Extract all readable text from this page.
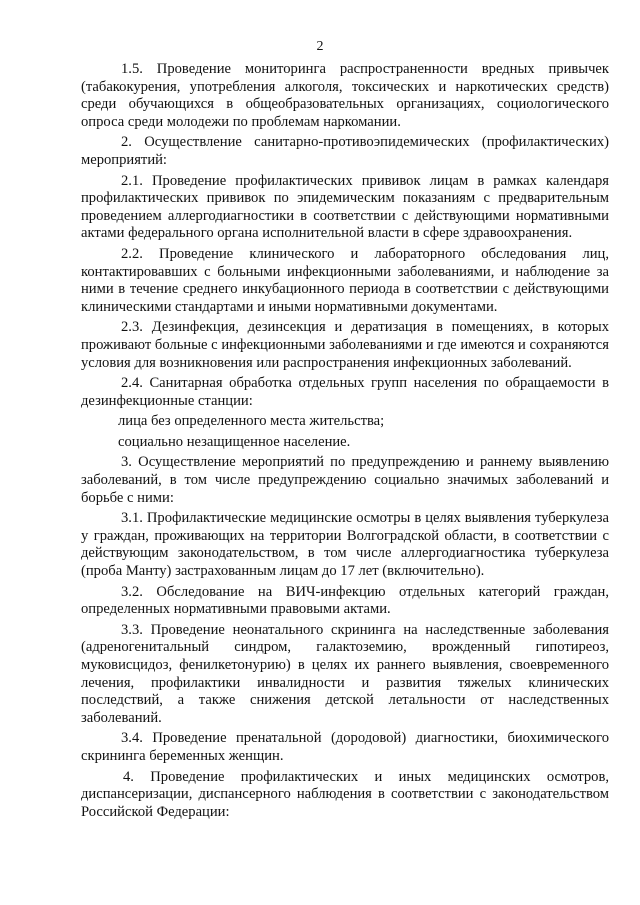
2

1.5. Проведение мониторинга распространенности вредных привычек (табакокурения, употребления алкоголя, токсических и наркотических средств) среди обучающихся в общеобразовательных организациях, социологического опроса среди молодежи по проблемам наркомании.

2. Осуществление санитарно-противоэпидемических (профилактических) мероприятий:

2.1. Проведение профилактических прививок лицам в рамках календаря профилактических прививок по эпидемическим показаниям с предварительным проведением аллергодиагностики в соответствии с действующими нормативными актами федерального органа исполнительной власти в сфере здравоохранения.

2.2. Проведение клинического и лабораторного обследования лиц, контактировавших с больными инфекционными заболеваниями, и наблюдение за ними в течение среднего инкубационного периода в соответствии с действующими клиническими стандартами и иными нормативными документами.

2.3. Дезинфекция, дезинсекция и дератизация в помещениях, в которых проживают больные с инфекционными заболеваниями и где имеются и сохраняются условия для возникновения или распространения инфекционных заболеваний.

2.4. Санитарная обработка отдельных групп населения по обращаемости в дезинфекционные станции:

лица без определенного места жительства;

социально незащищенное население.

3. Осуществление мероприятий по предупреждению и раннему выявлению заболеваний, в том числе предупреждению социально значимых заболеваний и борьбе с ними:

3.1. Профилактические медицинские осмотры в целях выявления туберкулеза у граждан, проживающих на территории Волгоградской области, в соответствии с действующим законодательством, в том числе аллергодиагностика туберкулеза (проба Манту) застрахованным лицам до 17 лет (включительно).

3.2. Обследование на ВИЧ-инфекцию отдельных категорий граждан, определенных нормативными правовыми актами.

3.3. Проведение неонатального скрининга на наследственные заболевания (адреногенитальный синдром, галактоземию, врожденный гипотиреоз, муковисцидоз, фенилкетонурию) в целях их раннего выявления, своевременного лечения, профилактики инвалидности и развития тяжелых клинических последствий, а также снижения детской летальности от наследственных заболеваний.

3.4. Проведение пренатальной (дородовой) диагностики, биохимического скрининга беременных женщин.

4. Проведение профилактических и иных медицинских осмотров, диспансеризации, диспансерного наблюдения в соответствии с законодательством Российской Федерации:
